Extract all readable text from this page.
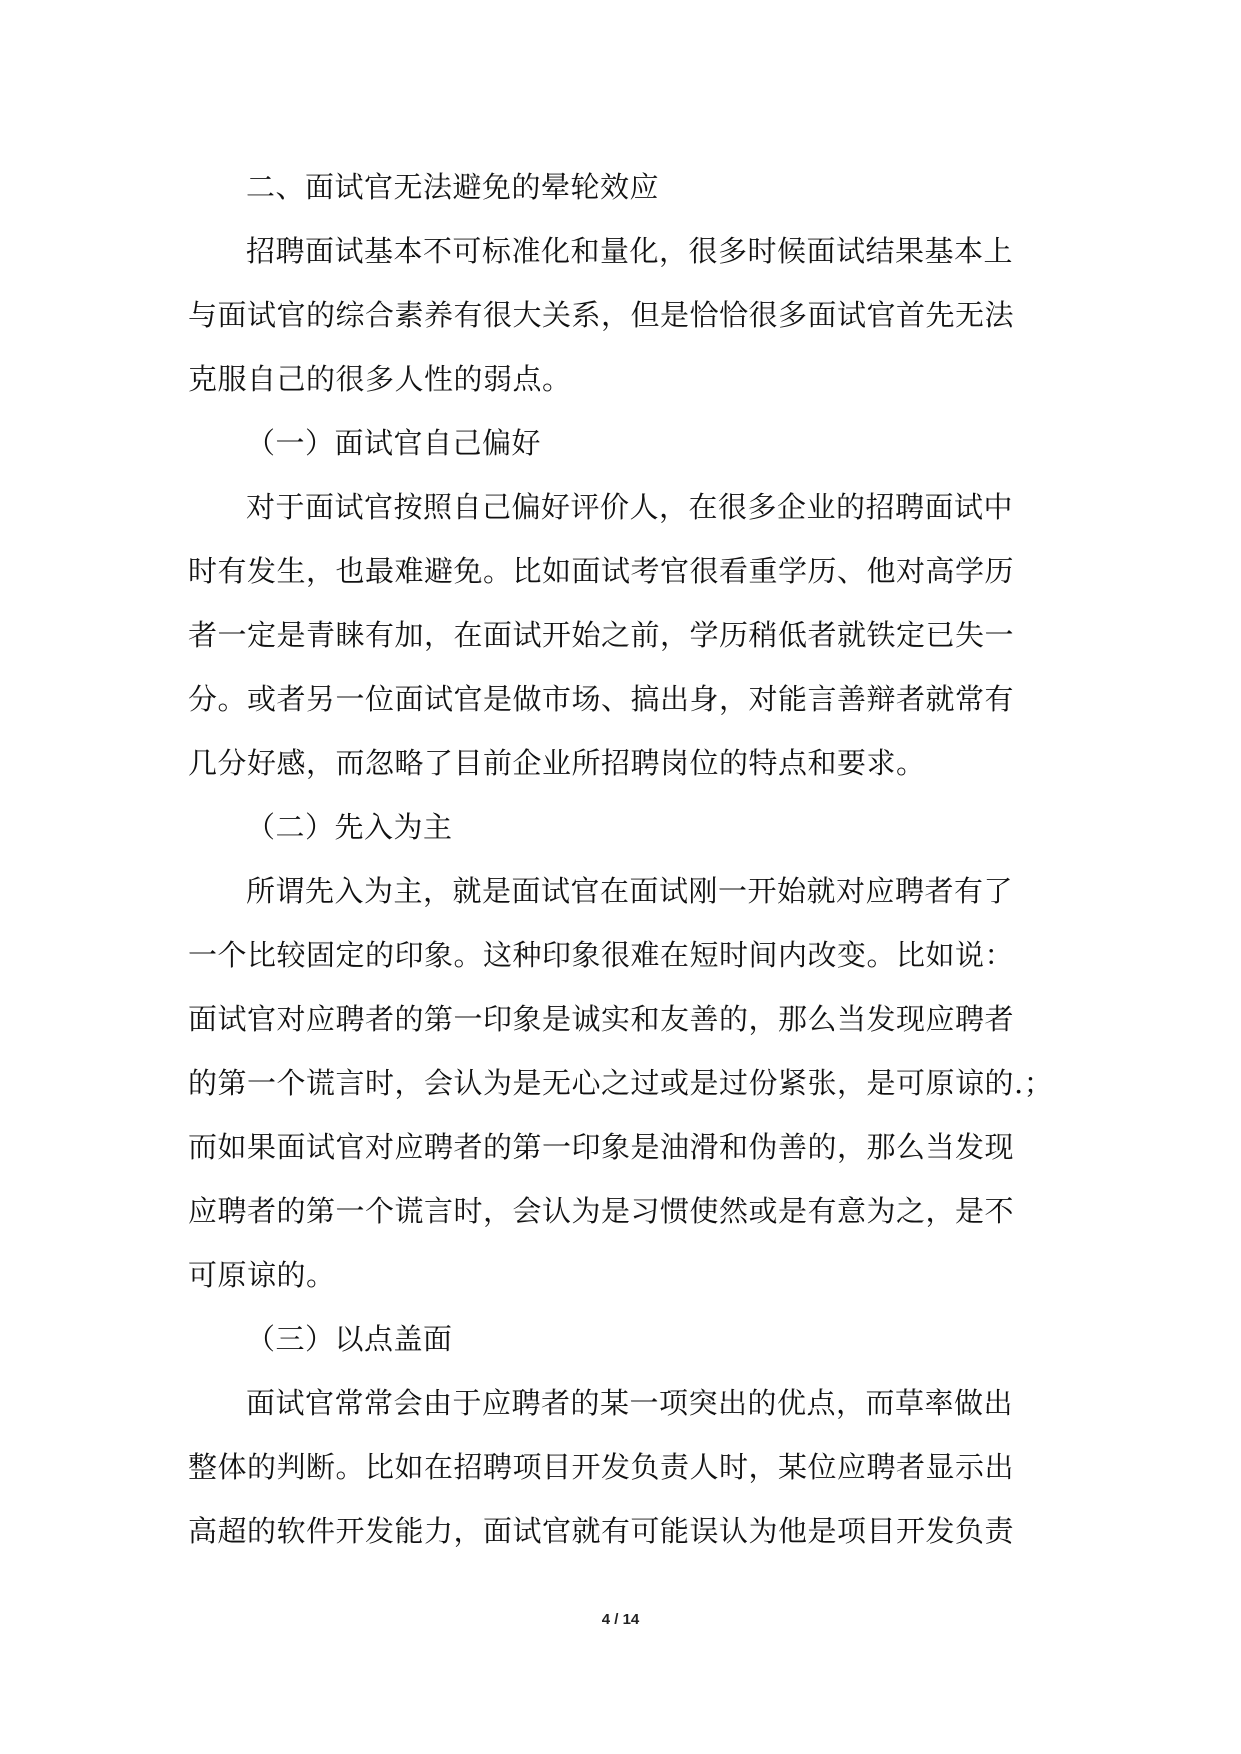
二、面试官无法避免的晕轮效应
招聘面试基本不可标准化和量化，很多时候面试结果基本上
与面试官的综合素养有很大关系，但是恰恰很多面试官首先无法
克服自己的很多人性的弱点。
（一）面试官自己偏好
对于面试官按照自己偏好评价人，在很多企业的招聘面试中
时有发生，也最难避免。比如面试考官很看重学历、他对高学历
者一定是青睐有加，在面试开始之前，学历稍低者就铁定已失一
分。或者另一位面试官是做市场、搞出身，对能言善辩者就常有
几分好感，而忽略了目前企业所招聘岗位的特点和要求。
（二）先入为主
所谓先入为主，就是面试官在面试刚一开始就对应聘者有了
一个比较固定的印象。这种印象很难在短时间内改变。比如说：
面试官对应聘者的第一印象是诚实和友善的，那么当发现应聘者
的第一个谎言时，会认为是无心之过或是过份紧张，是可原谅的.；
而如果面试官对应聘者的第一印象是油滑和伪善的，那么当发现
应聘者的第一个谎言时，会认为是习惯使然或是有意为之，是不
可原谅的。
（三）以点盖面
面试官常常会由于应聘者的某一项突出的优点，而草率做出
整体的判断。比如在招聘项目开发负责人时，某位应聘者显示出
高超的软件开发能力，面试官就有可能误认为他是项目开发负责
4 / 14
